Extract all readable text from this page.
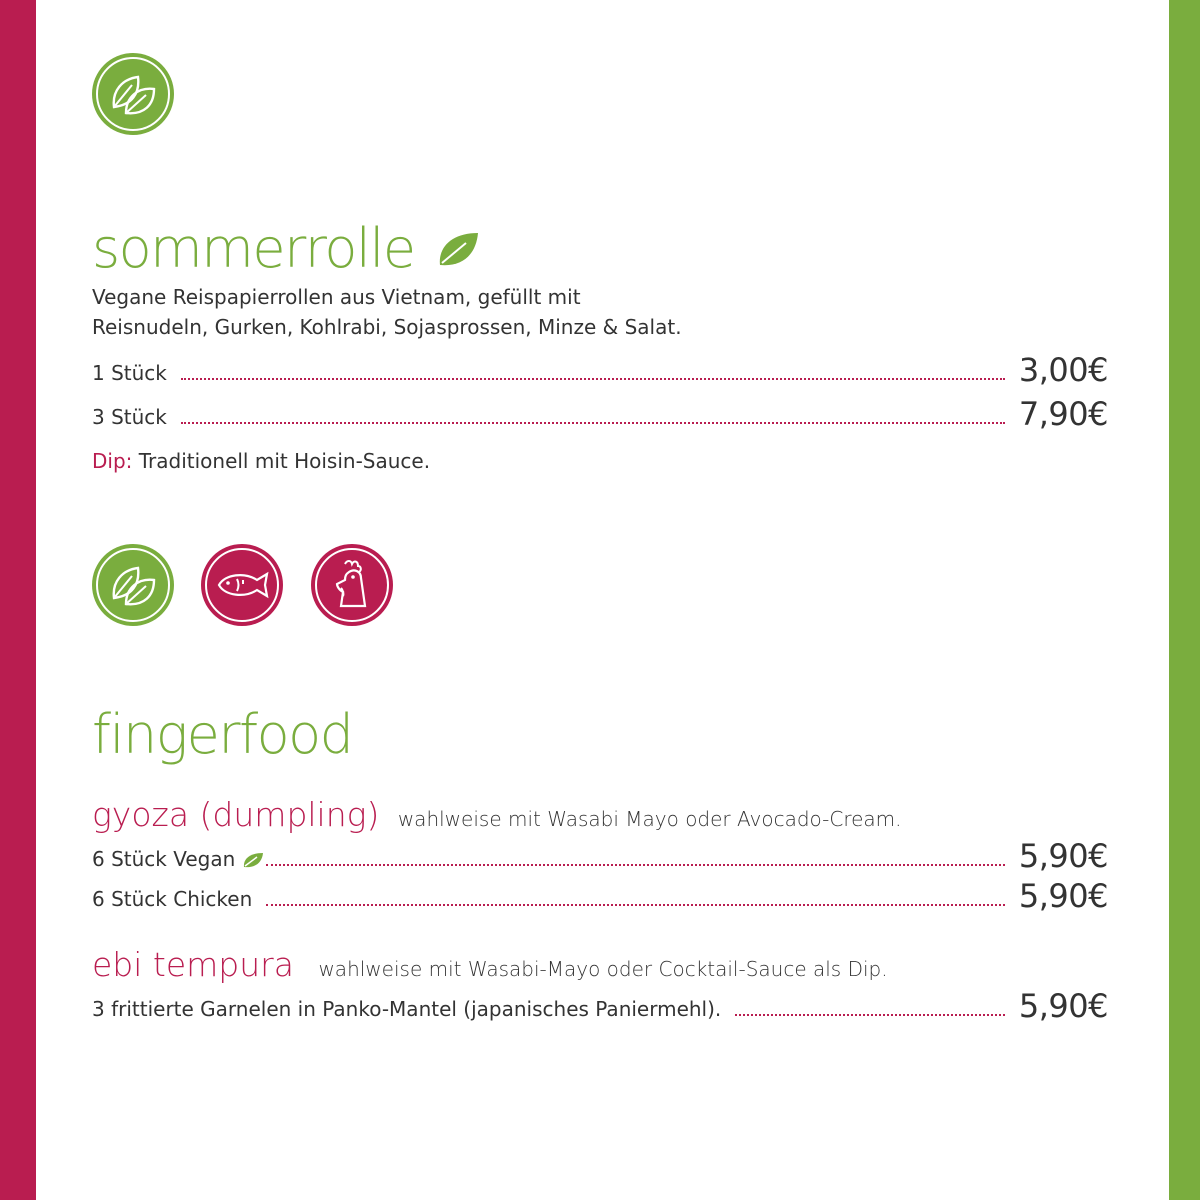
sommerrolle
Vegane Reispapierrollen aus Vietnam, gefüllt mit
Reisnudeln, Gurken, Kohlrabi, Sojasprossen, Minze & Salat.
1 Stück	3,00€
3 Stück	7,90€
Dip: Traditionell mit Hoisin-Sauce.
fingerfood
gyoza (dumpling) wahlweise mit Wasabi Mayo oder Avocado-Cream.
6 Stück Vegan	5,90€
6 Stück Chicken	5,90€
ebi tempura wahlweise mit Wasabi-Mayo oder Cocktail-Sauce als Dip.
3 frittierte Garnelen in Panko-Mantel (japanisches Paniermehl).	5,90€
